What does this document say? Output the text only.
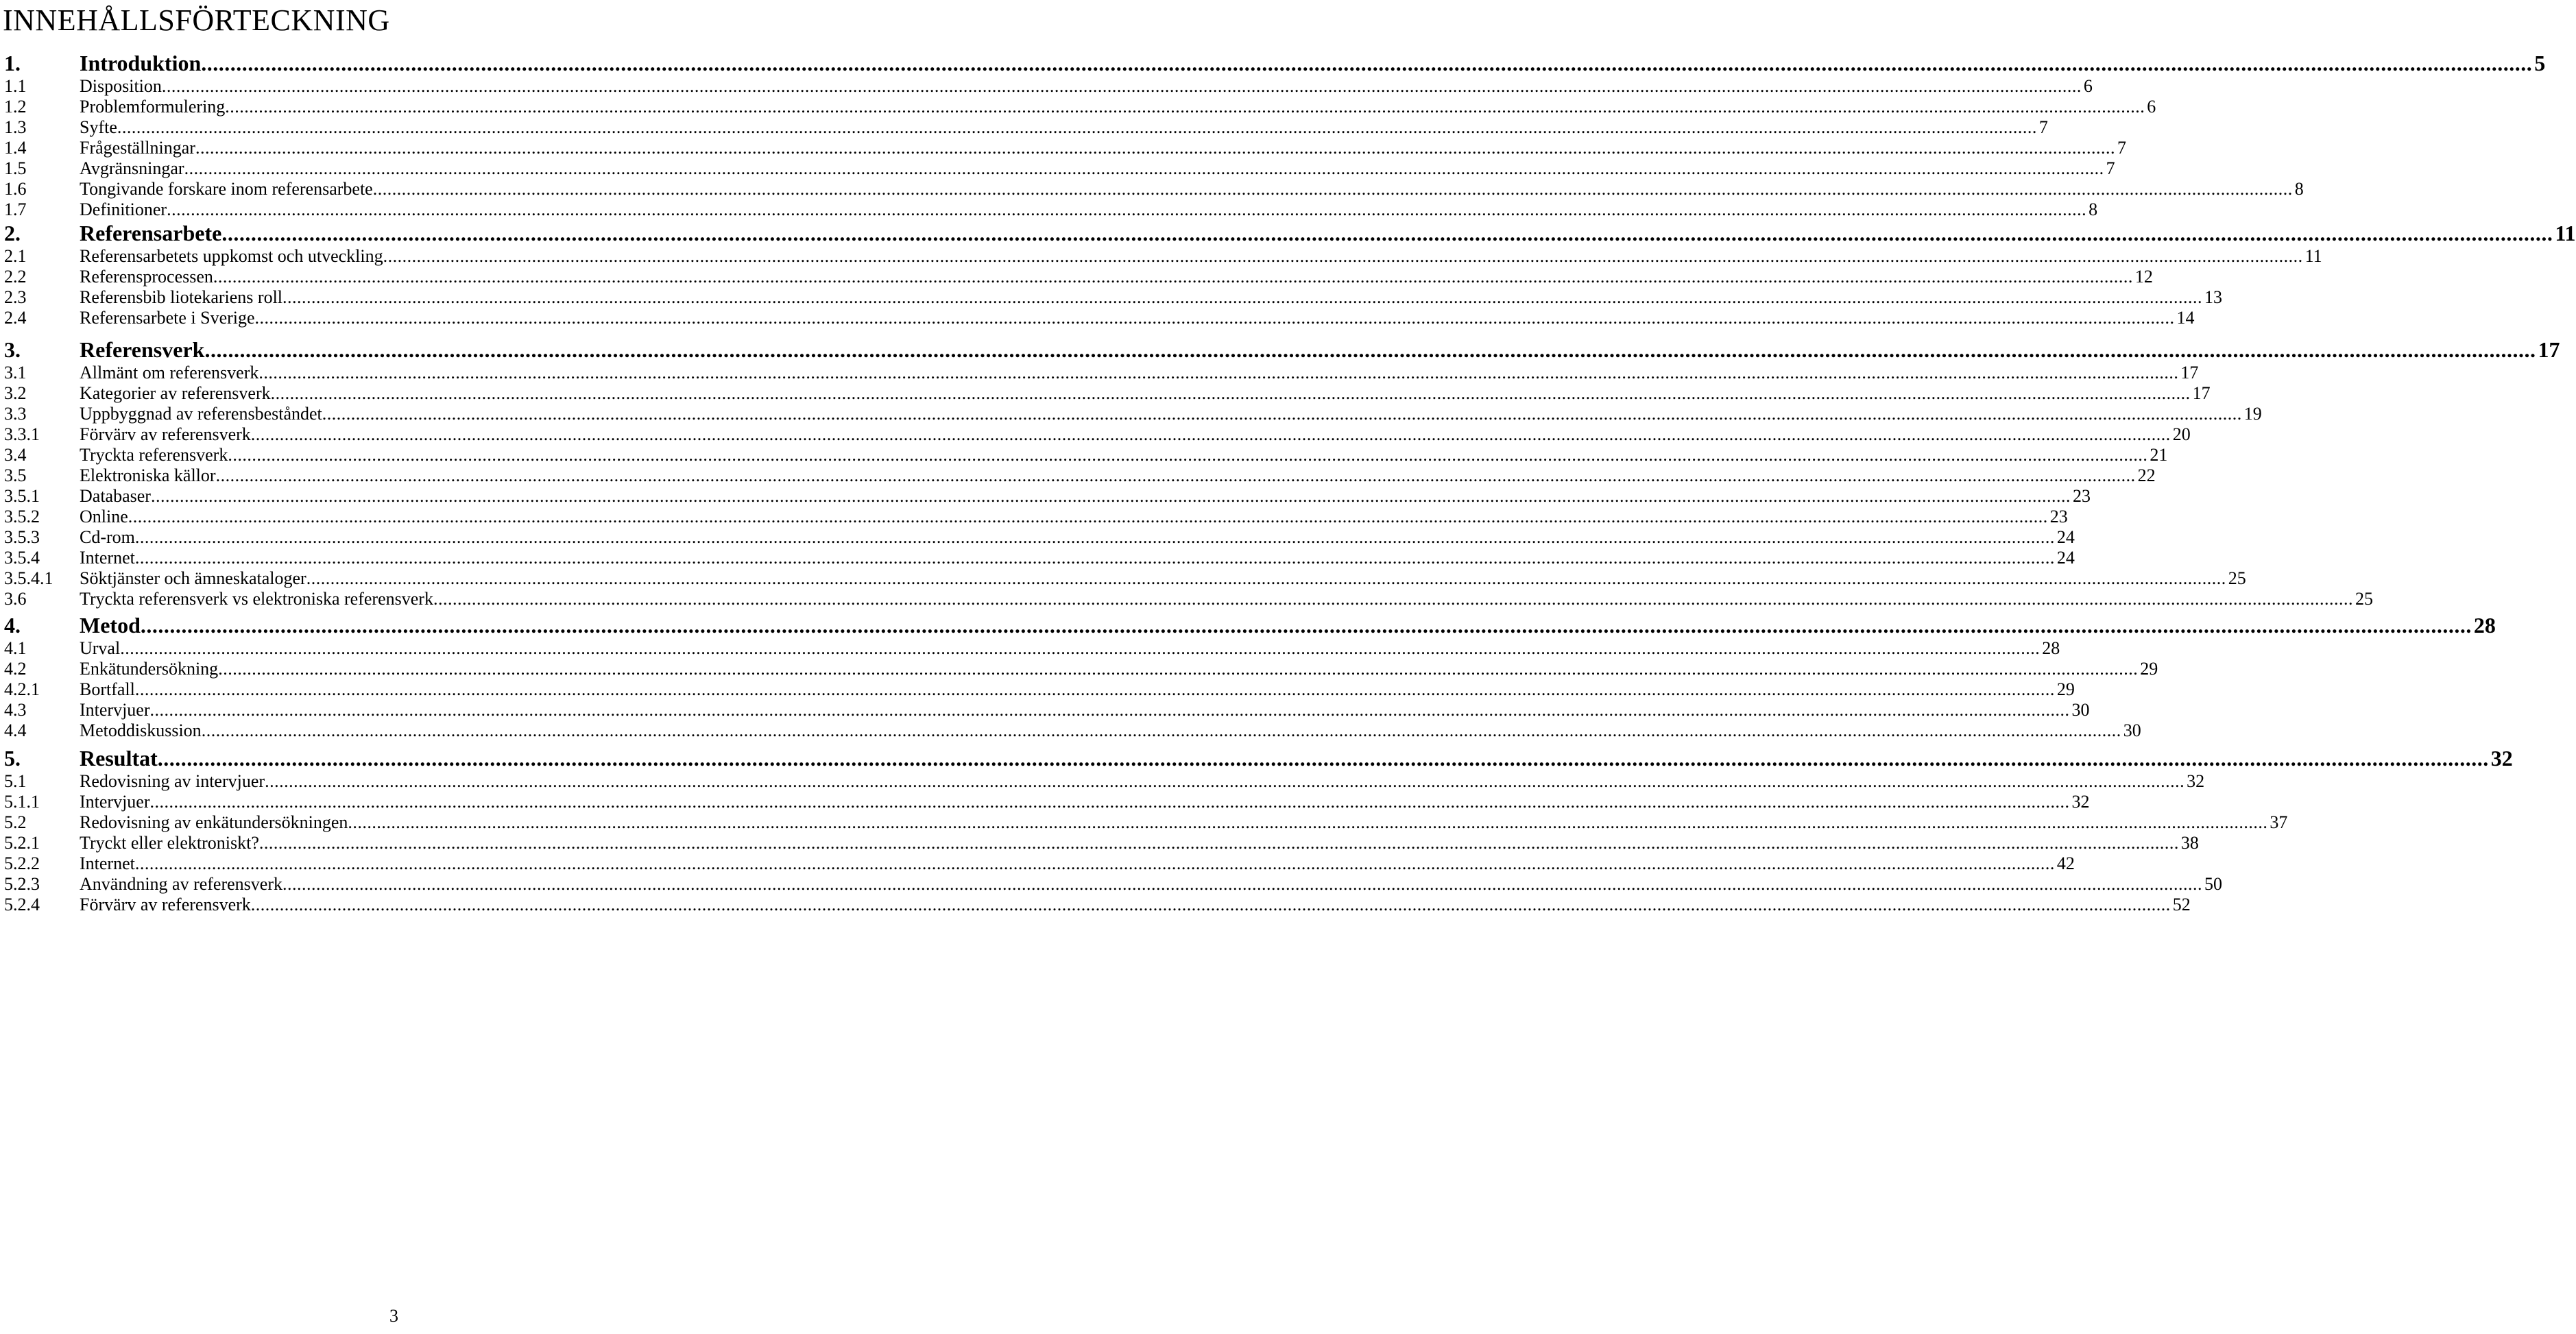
INNEHÅLLSFÖRTECKNING
1.	Introduktion ................................................................................................................................................................................................................................................................................................................................................................................................................ 5
1.1	Disposition ................................................................................................................................................................................................................................................................................................................................................................................................................ 6
1.2	Problemformulering ................................................................................................................................................................................................................................................................................................................................................................................................................ 6
1.3	Syfte ................................................................................................................................................................................................................................................................................................................................................................................................................ 7
1.4	Frågeställningar ................................................................................................................................................................................................................................................................................................................................................................................................................ 7
1.5	Avgränsningar ................................................................................................................................................................................................................................................................................................................................................................................................................ 7
1.6	Tongivande forskare inom referensarbete ................................................................................................................................................................................................................................................................................................................................................................................................................ 8
1.7	Definitioner ................................................................................................................................................................................................................................................................................................................................................................................................................ 8
2.	Referensarbete ................................................................................................................................................................................................................................................................................................................................................................................................................ 11
2.1	Referensarbetets uppkomst och utveckling ................................................................................................................................................................................................................................................................................................................................................................................................................ 11
2.2	Referensprocessen ................................................................................................................................................................................................................................................................................................................................................................................................................ 12
2.3	Referensbib liotekariens roll ................................................................................................................................................................................................................................................................................................................................................................................................................ 13
2.4	Referensarbete i Sverige ................................................................................................................................................................................................................................................................................................................................................................................................................ 14
3.	Referensverk ................................................................................................................................................................................................................................................................................................................................................................................................................ 17
3.1	Allmänt om referensverk ................................................................................................................................................................................................................................................................................................................................................................................................................ 17
3.2	Kategorier av referensverk ................................................................................................................................................................................................................................................................................................................................................................................................................ 17
3.3	Uppbyggnad av referensbeståndet ................................................................................................................................................................................................................................................................................................................................................................................................................ 19
3.3.1	Förvärv av referensverk ................................................................................................................................................................................................................................................................................................................................................................................................................ 20
3.4	Tryckta referensverk ................................................................................................................................................................................................................................................................................................................................................................................................................ 21
3.5	Elektroniska källor ................................................................................................................................................................................................................................................................................................................................................................................................................ 22
3.5.1	Databaser ................................................................................................................................................................................................................................................................................................................................................................................................................ 23
3.5.2	Online ................................................................................................................................................................................................................................................................................................................................................................................................................ 23
3.5.3	Cd-rom ................................................................................................................................................................................................................................................................................................................................................................................................................ 24
3.5.4	Internet ................................................................................................................................................................................................................................................................................................................................................................................................................ 24
3.5.4.1	Söktjänster och ämneskataloger ................................................................................................................................................................................................................................................................................................................................................................................................................ 25
3.6	Tryckta referensverk vs elektroniska referensverk ................................................................................................................................................................................................................................................................................................................................................................................................................ 25
4.	Metod ................................................................................................................................................................................................................................................................................................................................................................................................................ 28
4.1	Urval ................................................................................................................................................................................................................................................................................................................................................................................................................ 28
4.2	Enkätundersökning ................................................................................................................................................................................................................................................................................................................................................................................................................ 29
4.2.1	Bortfall ................................................................................................................................................................................................................................................................................................................................................................................................................ 29
4.3	Intervjuer ................................................................................................................................................................................................................................................................................................................................................................................................................ 30
4.4	Metoddiskussion ................................................................................................................................................................................................................................................................................................................................................................................................................ 30
5.	Resultat ................................................................................................................................................................................................................................................................................................................................................................................................................ 32
5.1	Redovisning av intervjuer ................................................................................................................................................................................................................................................................................................................................................................................................................ 32
5.1.1	Intervjuer ................................................................................................................................................................................................................................................................................................................................................................................................................ 32
5.2	Redovisning av enkätundersökningen ................................................................................................................................................................................................................................................................................................................................................................................................................ 37
5.2.1	Tryckt eller elektroniskt? ................................................................................................................................................................................................................................................................................................................................................................................................................ 38
5.2.2	Internet ................................................................................................................................................................................................................................................................................................................................................................................................................ 42
5.2.3	Användning av referensverk ................................................................................................................................................................................................................................................................................................................................................................................................................ 50
5.2.4	Förvärv av referensverk ................................................................................................................................................................................................................................................................................................................................................................................................................ 52
3
